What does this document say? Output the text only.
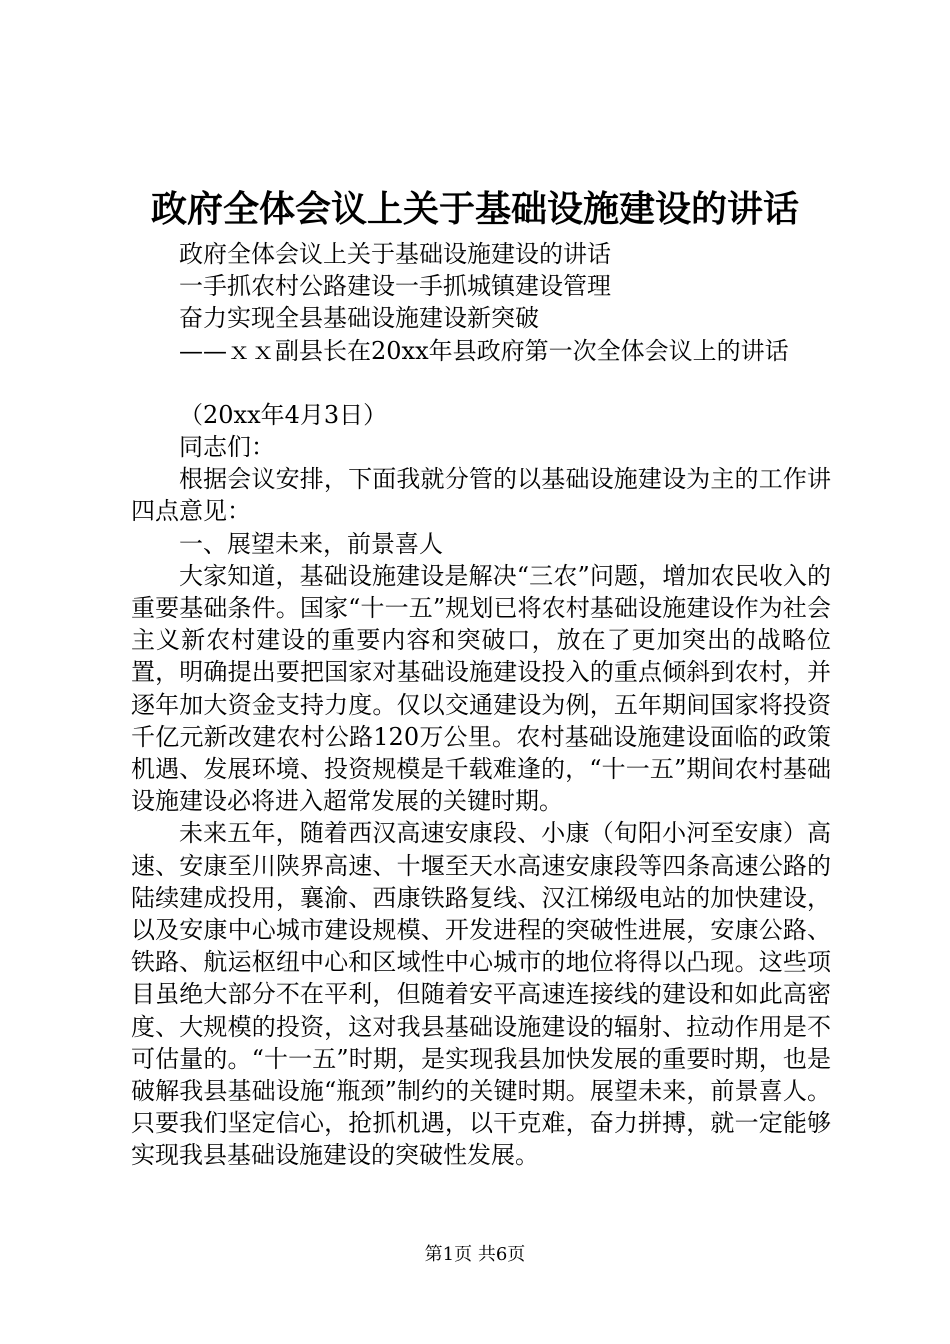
政府全体会议上关于基础设施建设的讲话
政府全体会议上关于基础设施建设的讲话
一手抓农村公路建设一手抓城镇建设管理
奋力实现全县基础设施建设新突破
——ｘｘ副县长在20xx年县政府第一次全体会议上的讲话
（20xx年4月3日）
同志们：

根据会议安排，下面我就分管的以基础设施建设为主的工作讲四点意见：

一、展望未来，前景喜人

大家知道，基础设施建设是解决“三农”问题，增加农民收入的重要基础条件。国家“十一五”规划已将农村基础设施建设作为社会主义新农村建设的重要内容和突破口，放在了更加突出的战略位置，明确提出要把国家对基础设施建设投入的重点倾斜到农村，并逐年加大资金支持力度。仅以交通建设为例，五年期间国家将投资千亿元新改建农村公路120万公里。农村基础设施建设面临的政策机遇、发展环境、投资规模是千载难逢的，“十一五”期间农村基础设施建设必将进入超常发展的关键时期。

未来五年，随着西汉高速安康段、小康（旬阳小河至安康）高速、安康至川陕界高速、十堰至天水高速安康段等四条高速公路的陆续建成投用，襄渝、西康铁路复线、汉江梯级电站的加快建设，以及安康中心城市建设规模、开发进程的突破性进展，安康公路、铁路、航运枢纽中心和区域性中心城市的地位将得以凸现。这些项目虽绝大部分不在平利，但随着安平高速连接线的建设和如此高密度、大规模的投资，这对我县基础设施建设的辐射、拉动作用是不可估量的。“十一五”时期，是实现我县加快发展的重要时期，也是破解我县基础设施“瓶颈”制约的关键时期。展望未来，前景喜人。只要我们坚定信心，抢抓机遇，以干克难，奋力拼搏，就一定能够实现我县基础设施建设的突破性发展。

第1页 共6页
